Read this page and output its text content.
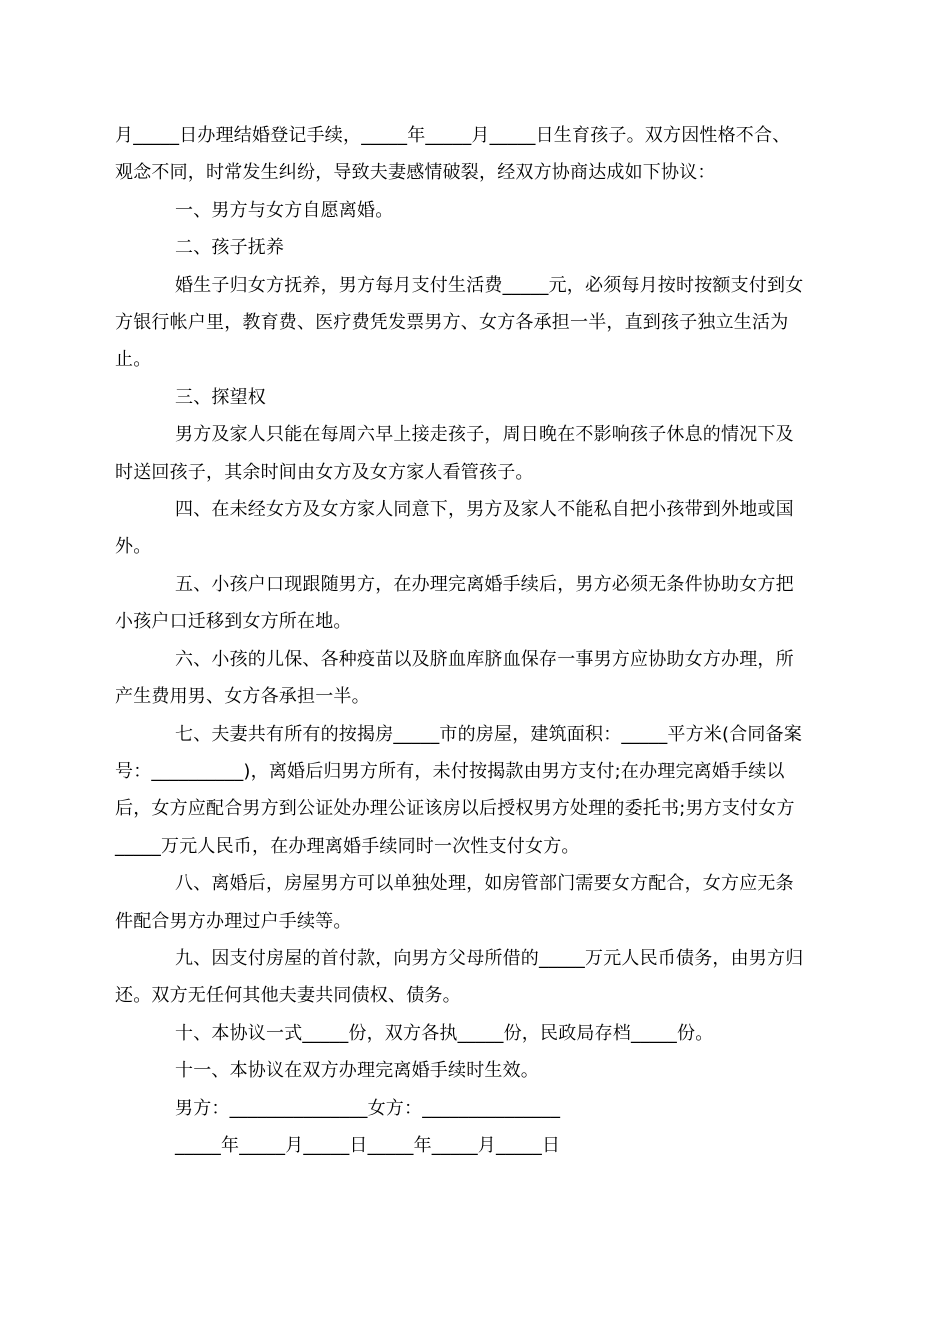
月_____日办理结婚登记手续，_____年_____月_____日生育孩子。双方因性格不合、

观念不同，时常发生纠纷，导致夫妻感情破裂，经双方协商达成如下协议：

一、男方与女方自愿离婚。

二、孩子抚养

婚生子归女方抚养，男方每月支付生活费_____元，必须每月按时按额支付到女

方银行帐户里，教育费、医疗费凭发票男方、女方各承担一半，直到孩子独立生活为

止。

三、探望权

男方及家人只能在每周六早上接走孩子，周日晚在不影响孩子休息的情况下及

时送回孩子，其余时间由女方及女方家人看管孩子。

四、在未经女方及女方家人同意下，男方及家人不能私自把小孩带到外地或国

外。

五、小孩户口现跟随男方，在办理完离婚手续后，男方必须无条件协助女方把

小孩户口迁移到女方所在地。

六、小孩的儿保、各种疫苗以及脐血库脐血保存一事男方应协助女方办理，所

产生费用男、女方各承担一半。

七、夫妻共有所有的按揭房_____市的房屋，建筑面积：_____平方米(合同备案

号：__________)，离婚后归男方所有，未付按揭款由男方支付;在办理完离婚手续以

后，女方应配合男方到公证处办理公证该房以后授权男方处理的委托书;男方支付女方

_____万元人民币，在办理离婚手续同时一次性支付女方。

八、离婚后，房屋男方可以单独处理，如房管部门需要女方配合，女方应无条

件配合男方办理过户手续等。

九、因支付房屋的首付款，向男方父母所借的_____万元人民币债务，由男方归

还。双方无任何其他夫妻共同债权、债务。

十、本协议一式_____份，双方各执_____份，民政局存档_____份。

十一、本协议在双方办理完离婚手续时生效。

男方：_______________女方：_______________

_____年_____月_____日_____年_____月_____日
